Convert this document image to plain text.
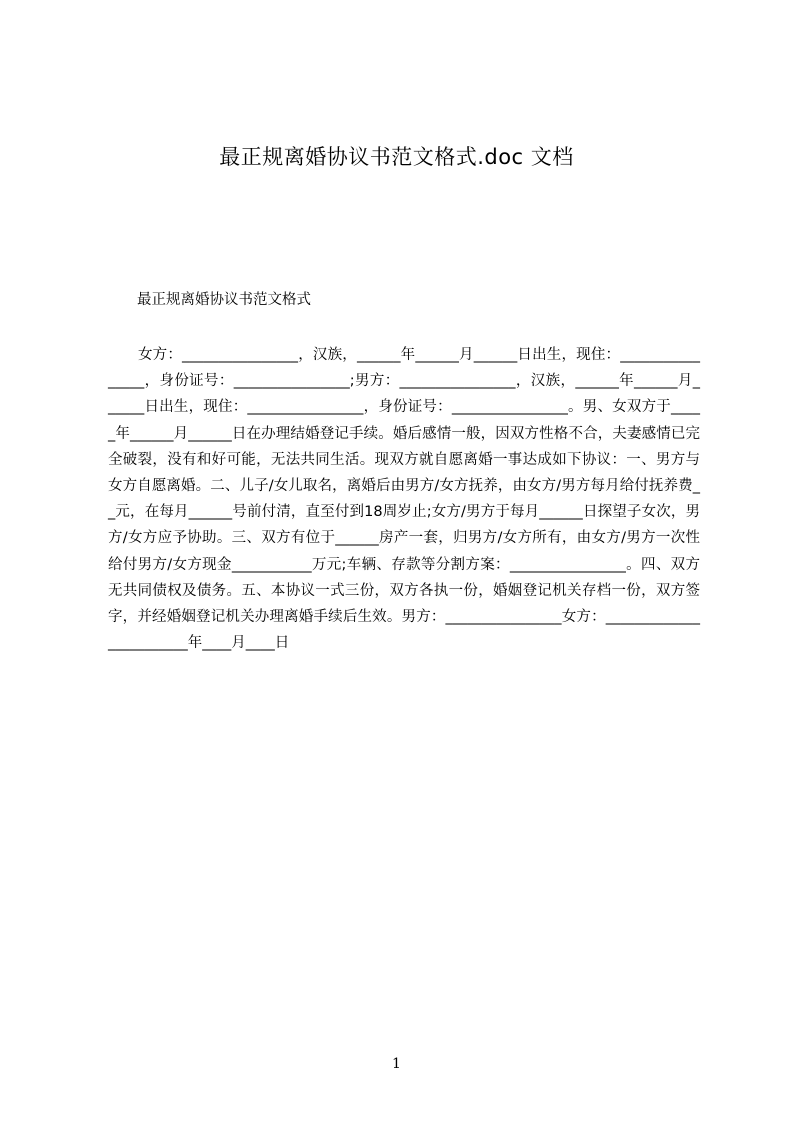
最正规离婚协议书范文格式.doc 文档
最正规离婚协议书范文格式
女方：________________，汉族，______年______月______日出生，现住：________________，身份证号：________________;男方：________________，汉族，______年______月______日出生，现住：________________，身份证号：________________。男、女双方于_____年______月______日在办理结婚登记手续。婚后感情一般，因双方性格不合，夫妻感情已完全破裂，没有和好可能，无法共同生活。现双方就自愿离婚一事达成如下协议：一、男方与女方自愿离婚。二、儿子/女儿取名，离婚后由男方/女方抚养，由女方/男方每月给付抚养费__元，在每月______号前付清，直至付到18周岁止;女方/男方于每月______日探望子女次，男方/女方应予协助。三、双方有位于______房产一套，归男方/女方所有，由女方/男方一次性给付男方/女方现金___________万元;车辆、存款等分割方案：________________。四、双方无共同债权及债务。五、本协议一式三份，双方各执一份，婚姻登记机关存档一份，双方签字，并经婚姻登记机关办理离婚手续后生效。男方：________________女方：________________________年____月____日
1
